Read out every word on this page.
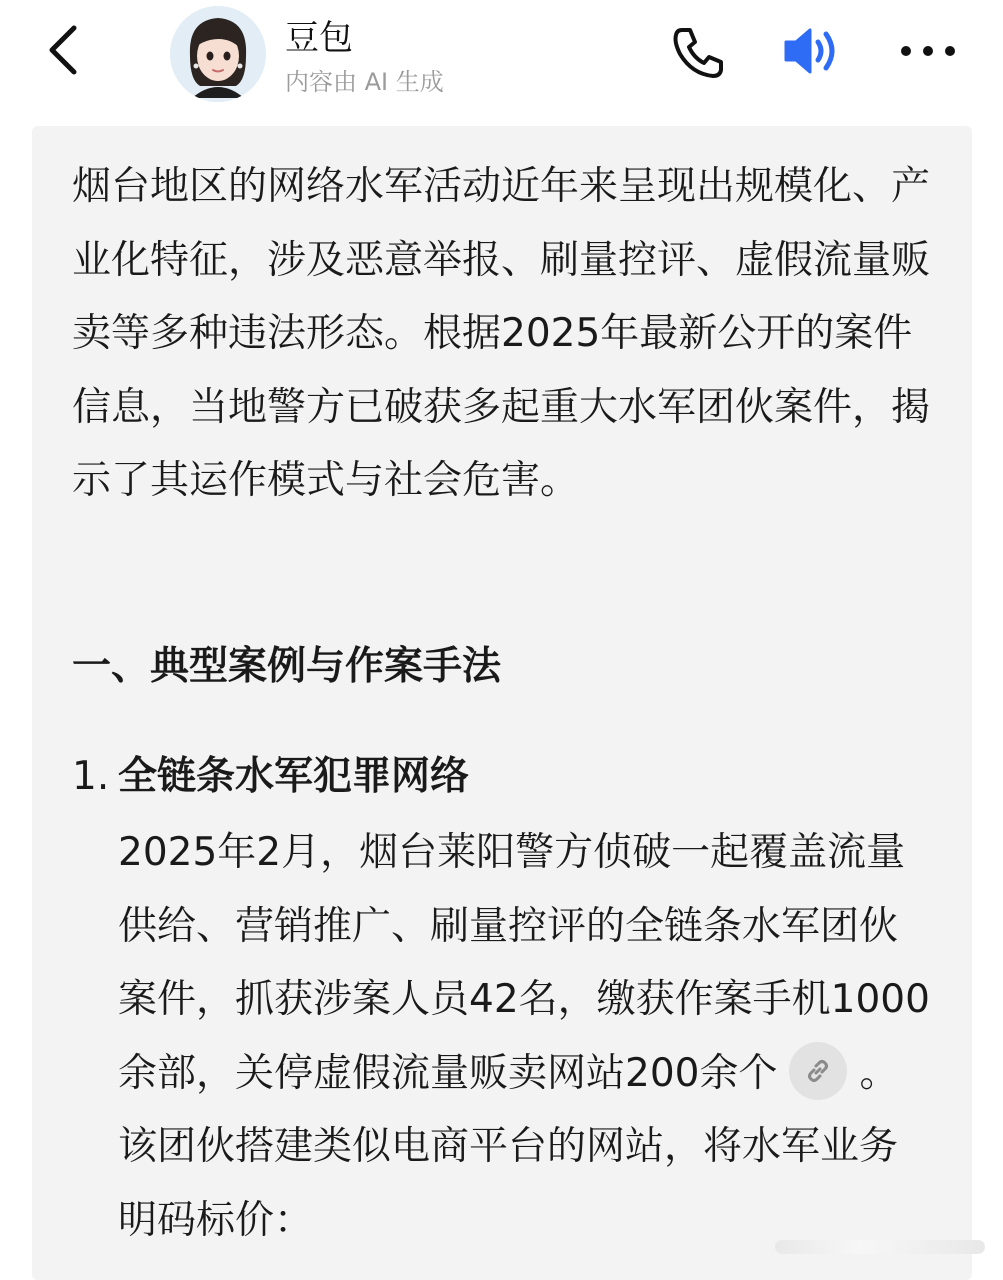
豆包
内容由 AI 生成

烟台地区的网络水军活动近年来呈现出规模化、产业化特征，涉及恶意举报、刷量控评、虚假流量贩卖等多种违法形态。根据2025年最新公开的案件信息，当地警方已破获多起重大水军团伙案件，揭示了其运作模式与社会危害。

一、典型案例与作案手法
1. 全链条水军犯罪网络

2025年2月，烟台莱阳警方侦破一起覆盖流量供给、营销推广、刷量控评的全链条水军团伙案件，抓获涉案人员42名，缴获作案手机1000余部，关停虚假流量贩卖网站200余个 。该团伙搭建类似电商平台的网站，将水军业务明码标价：
